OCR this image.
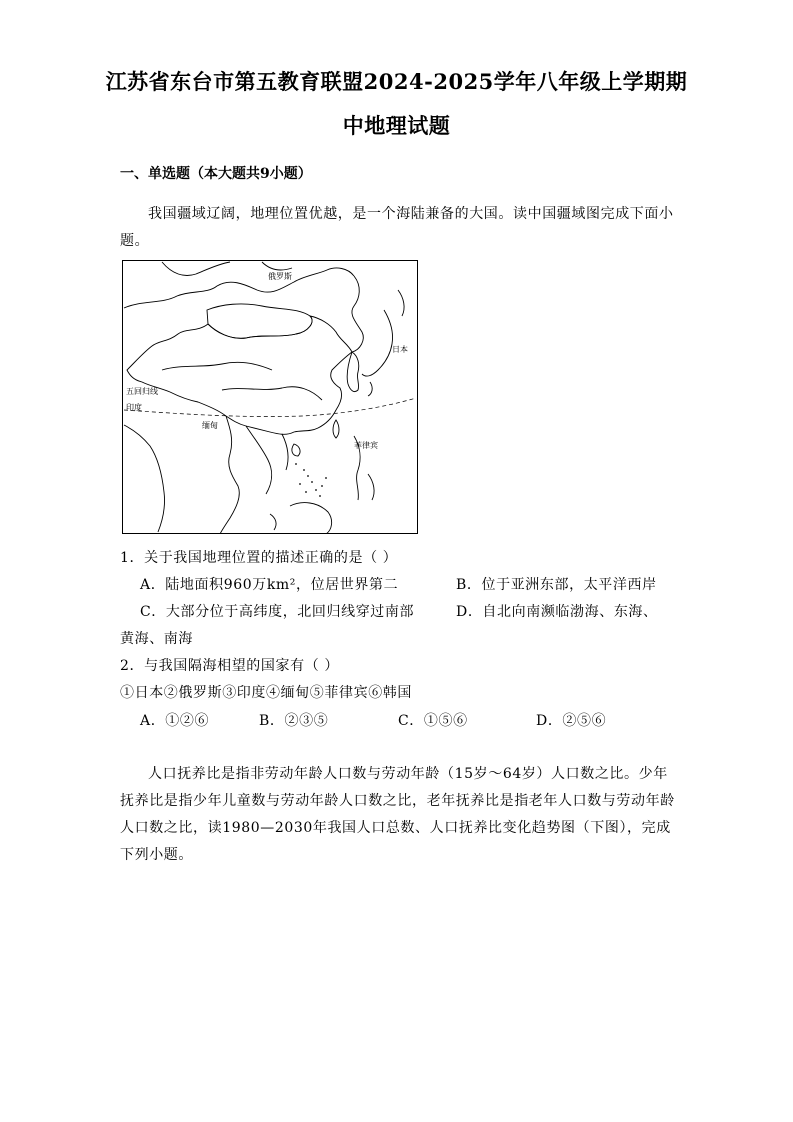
江苏省东台市第五教育联盟2024-2025学年八年级上学期期
中地理试题
一、单选题（本大题共9小题）
我国疆域辽阔，地理位置优越，是一个海陆兼备的大国。读中国疆域图完成下面小题。
俄罗斯
日本
五回归线
印度
缅甸
菲律宾
1．关于我国地理位置的描述正确的是（ ）
A．陆地面积960万km²，位居世界第二	B．位于亚洲东部，太平洋西岸
C．大部分位于高纬度，北回归线穿过南部	D．自北向南濒临渤海、东海、
黄海、南海
2．与我国隔海相望的国家有（ ）
①日本②俄罗斯③印度④缅甸⑤菲律宾⑥韩国
A．①②⑥	B．②③⑤	C．①⑤⑥	D．②⑤⑥
人口抚养比是指非劳动年龄人口数与劳动年龄（15岁～64岁）人口数之比。少年抚养比是指少年儿童数与劳动年龄人口数之比，老年抚养比是指老年人口数与劳动年龄人口数之比，读1980—2030年我国人口总数、人口抚养比变化趋势图（下图），完成下列小题。
